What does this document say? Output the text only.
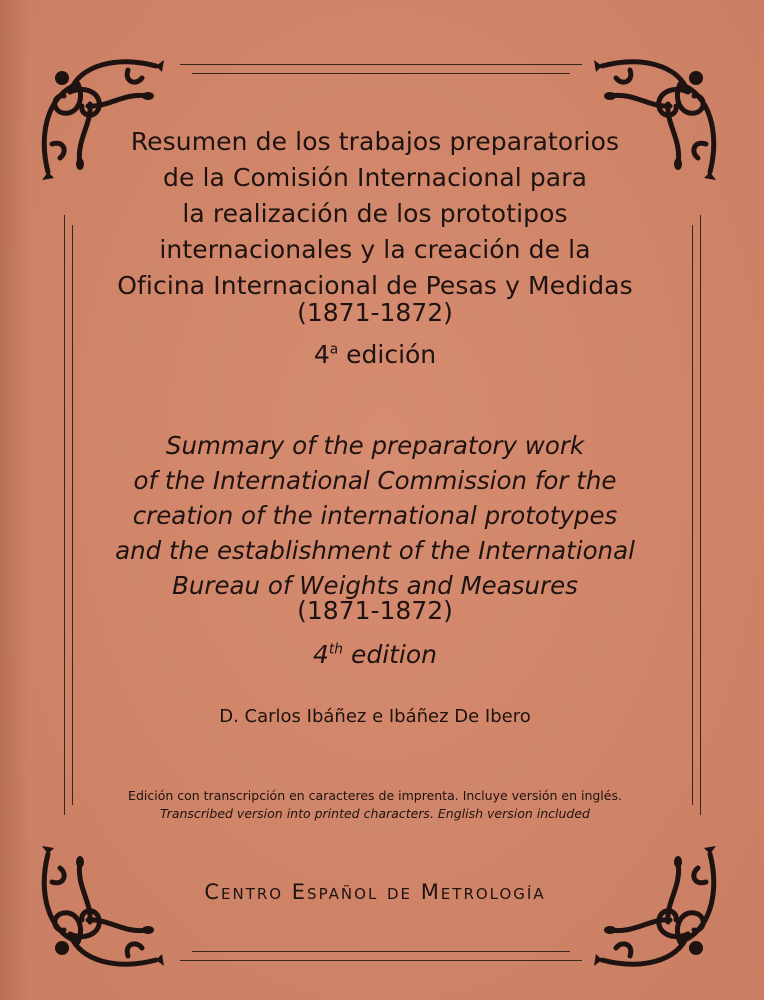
Resumen de los trabajos preparatorios
de la Comisión Internacional para
la realización de los prototipos
internacionales y la creación de la
Oficina Internacional de Pesas y Medidas
(1871-1872)
4$^a$ edición
Summary of the preparatory work
of the International Commission for the
creation of the international prototypes
and the establishment of the International
Bureau of Weights and Measures
(1871-1872)
4th edition
D. Carlos Ibáñez e Ibáñez De Ibero
Edición con transcripción en caracteres de imprenta. Incluye versión en inglés.
Transcribed version into printed characters. English version included
Centro Español de Metrología
